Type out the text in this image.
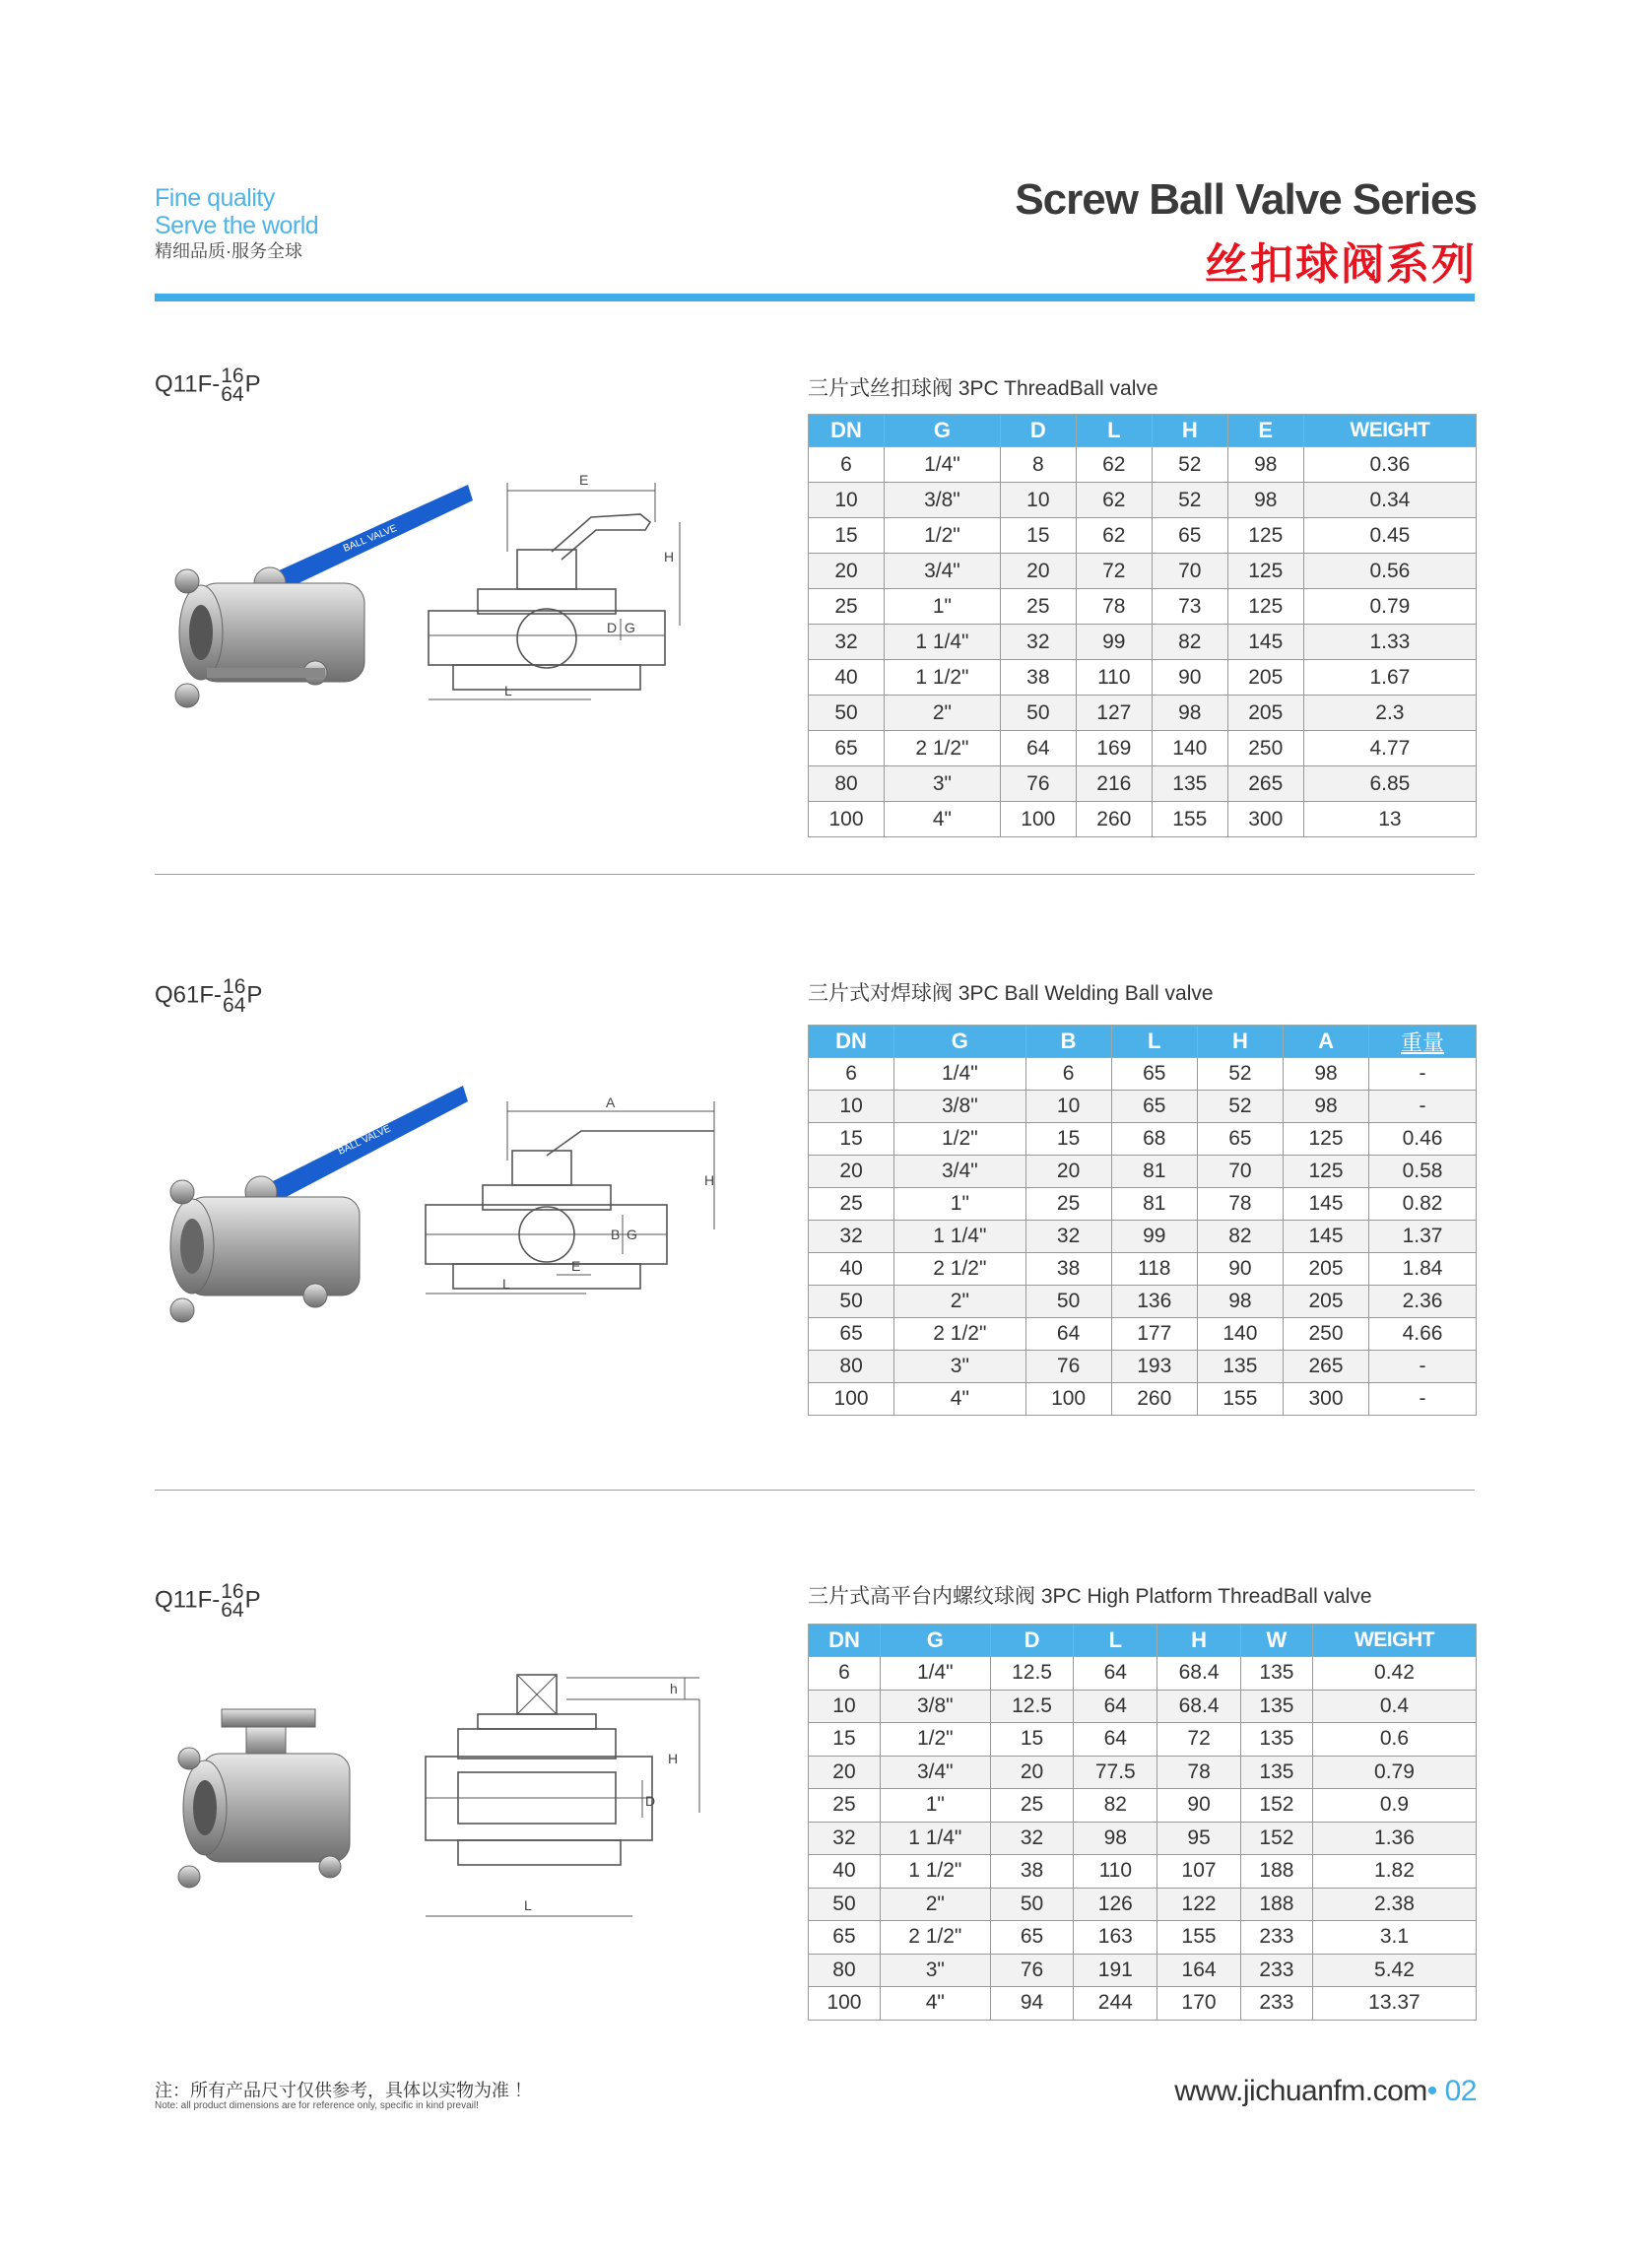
Fine quality
Serve the world
精细品质·服务全球
Screw Ball Valve Series
丝扣球阀系列
Q11F-16
64P
BALL VALVE
E
H
D G
L
三片式丝扣球阀 3PC ThreadBall valve
DN	G	D	L	H	E	WEIGHT
6	1/4"	8	62	52	98	0.36
10	3/8"	10	62	52	98	0.34
15	1/2"	15	62	65	125	0.45
20	3/4"	20	72	70	125	0.56
25	1"	25	78	73	125	0.79
32	1 1/4"	32	99	82	145	1.33
40	1 1/2"	38	110	90	205	1.67
50	2"	50	127	98	205	2.3
65	2 1/2"	64	169	140	250	4.77
80	3"	76	216	135	265	6.85
100	4"	100	260	155	300	13
Q61F-16
64P
BALL VALVE
A
H
B G
L
E
三片式对焊球阀 3PC Ball Welding Ball valve
DN	G	B	L	H	A	重量
6	1/4"	6	65	52	98	-
10	3/8"	10	65	52	98	-
15	1/2"	15	68	65	125	0.46
20	3/4"	20	81	70	125	0.58
25	1"	25	81	78	145	0.82
32	1 1/4"	32	99	82	145	1.37
40	2 1/2"	38	118	90	205	1.84
50	2"	50	136	98	205	2.36
65	2 1/2"	64	177	140	250	4.66
80	3"	76	193	135	265	-
100	4"	100	260	155	300	-
Q11F-16
64P
h
H
D
L
三片式高平台内螺纹球阀 3PC High Platform ThreadBall valve
DN	G	D	L	H	W	WEIGHT
6	1/4"	12.5	64	68.4	135	0.42
10	3/8"	12.5	64	68.4	135	0.4
15	1/2"	15	64	72	135	0.6
20	3/4"	20	77.5	78	135	0.79
25	1"	25	82	90	152	0.9
32	1 1/4"	32	98	95	152	1.36
40	1 1/2"	38	110	107	188	1.82
50	2"	50	126	122	188	2.38
65	2 1/2"	65	163	155	233	3.1
80	3"	76	191	164	233	5.42
100	4"	94	244	170	233	13.37
注：所有产品尺寸仅供参考，具体以实物为准 ！
Note: all product dimensions are for reference only, specific in kind prevail!	www.jichuanfm.com• 02
